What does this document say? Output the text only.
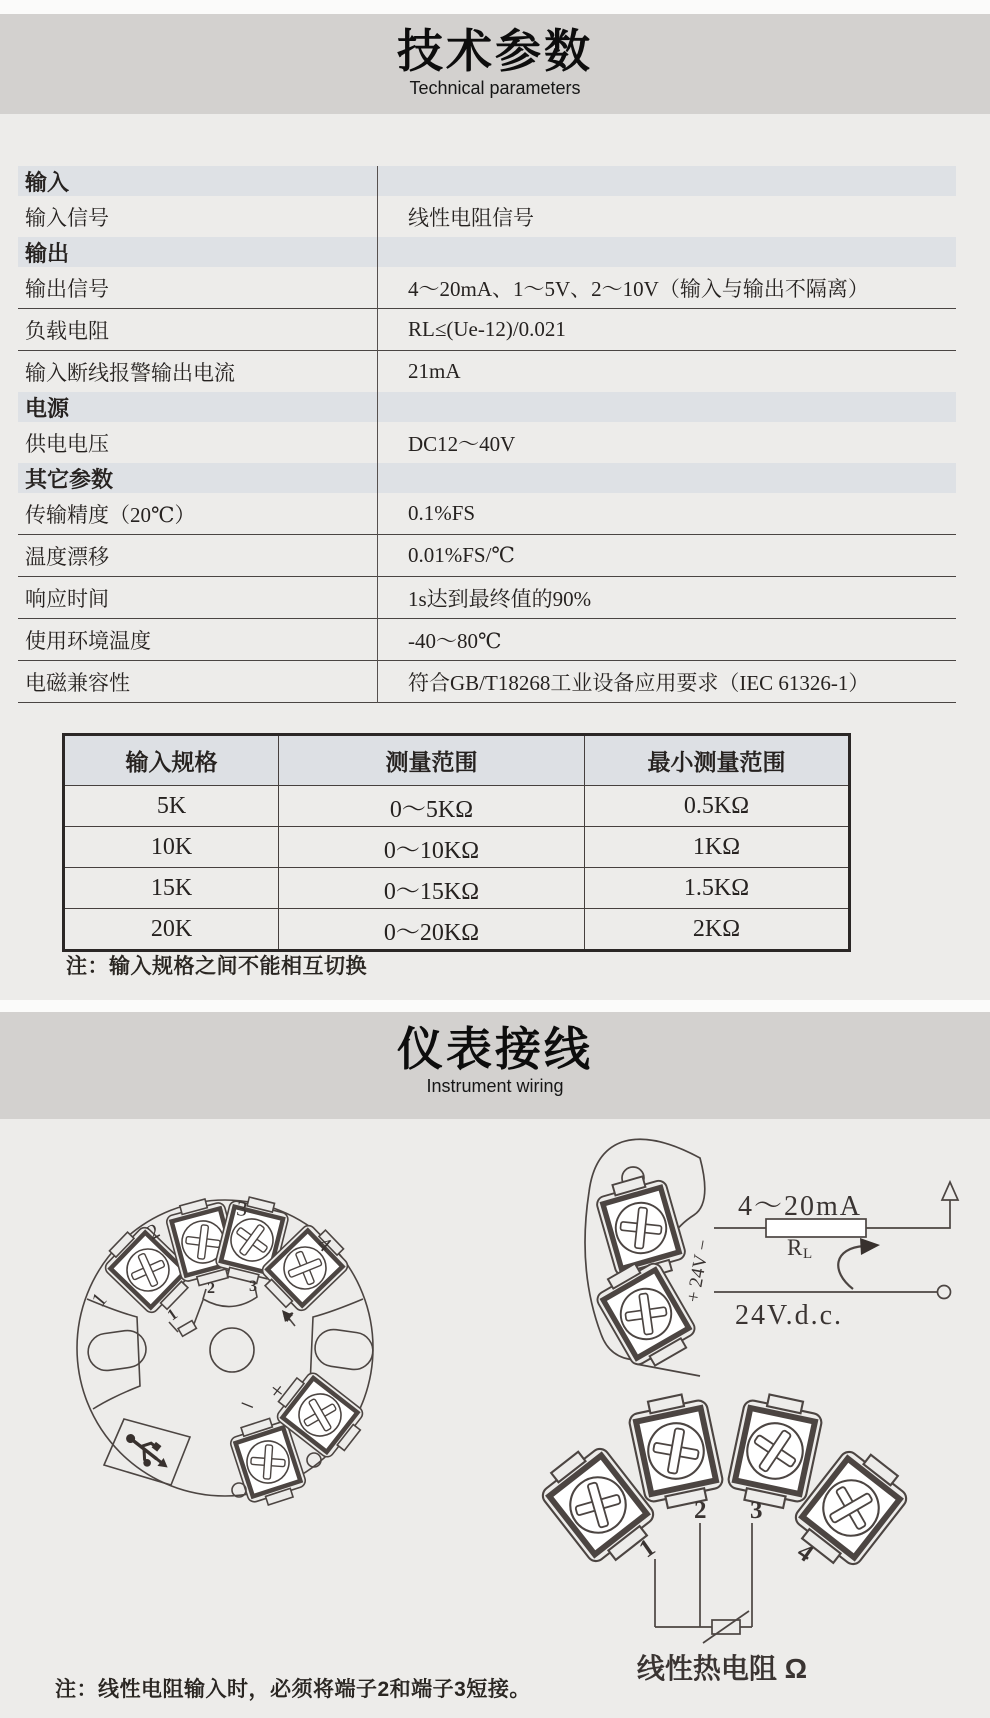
技术参数
Technical parameters
输入
输入信号	线性电阻信号
输出
输出信号	4～20mA、1～5V、2～10V（输入与输出不隔离）
负载电阻	RL≤(Ue-12)/0.021
输入断线报警输出电流	21mA
电源
供电电压	DC12～40V
其它参数
传输精度（20℃）	0.1%FS
温度漂移	0.01%FS/℃
响应时间	1s达到最终值的90%
使用环境温度	-40～80℃
电磁兼容性	符合GB/T18268工业设备应用要求（IEC 61326-1）
输入规格	测量范围	最小测量范围
5K	0～5KΩ	0.5KΩ
10K	0～10KΩ	1KΩ
15K	0～15KΩ	1.5KΩ
20K	0～20KΩ	2KΩ
注：输入规格之间不能相互切换
仪表接线
Instrument wiring
1
2
3
4
1
2 3
4
− +
+ 24V −
4～20mA
R L
24V.d.c.
1
2 3
4
线性热电阻 Ω
注：线性电阻输入时，必须将端子2和端子3短接。
